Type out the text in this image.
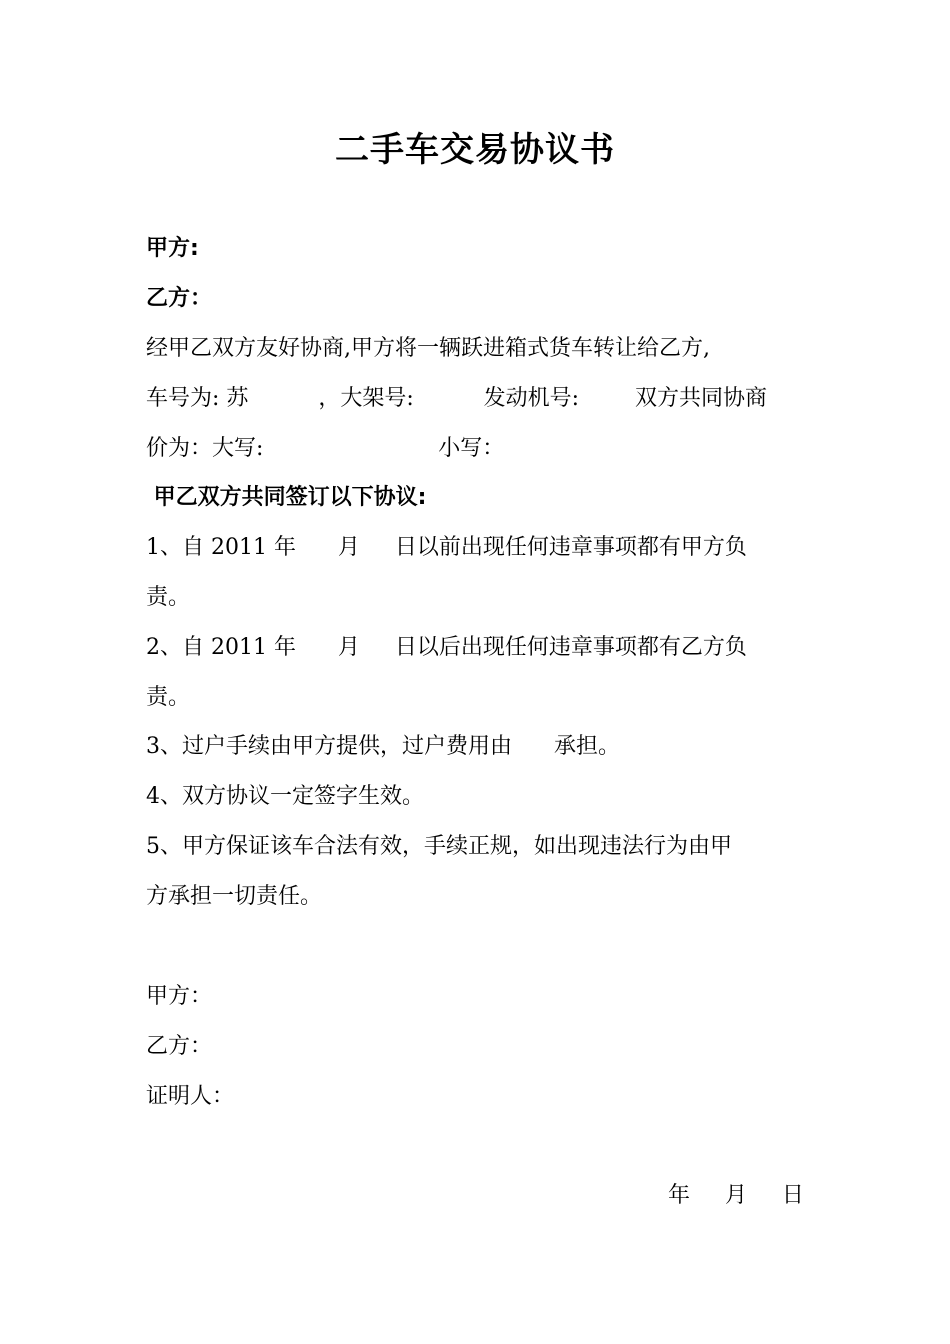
二手车交易协议书
甲方:
乙方：
经甲乙双方友好协商,甲方将一辆跃进箱式货车转让给乙方,
车号为: 苏          ，大架号:          发动机号:        双方共同协商
价为：大写:                         小写：
甲乙双方共同签订以下协议:
1、自 2011 年      月     日以前出现任何违章事项都有甲方负
责。
2、自 2011 年      月     日以后出现任何违章事项都有乙方负
责。
3、过户手续由甲方提供，过户费用由      承担。
4、双方协议一定签字生效。
5、甲方保证该车合法有效，手续正规，如出现违法行为由甲
方承担一切责任。
甲方：
乙方：
证明人：
年     月     日
